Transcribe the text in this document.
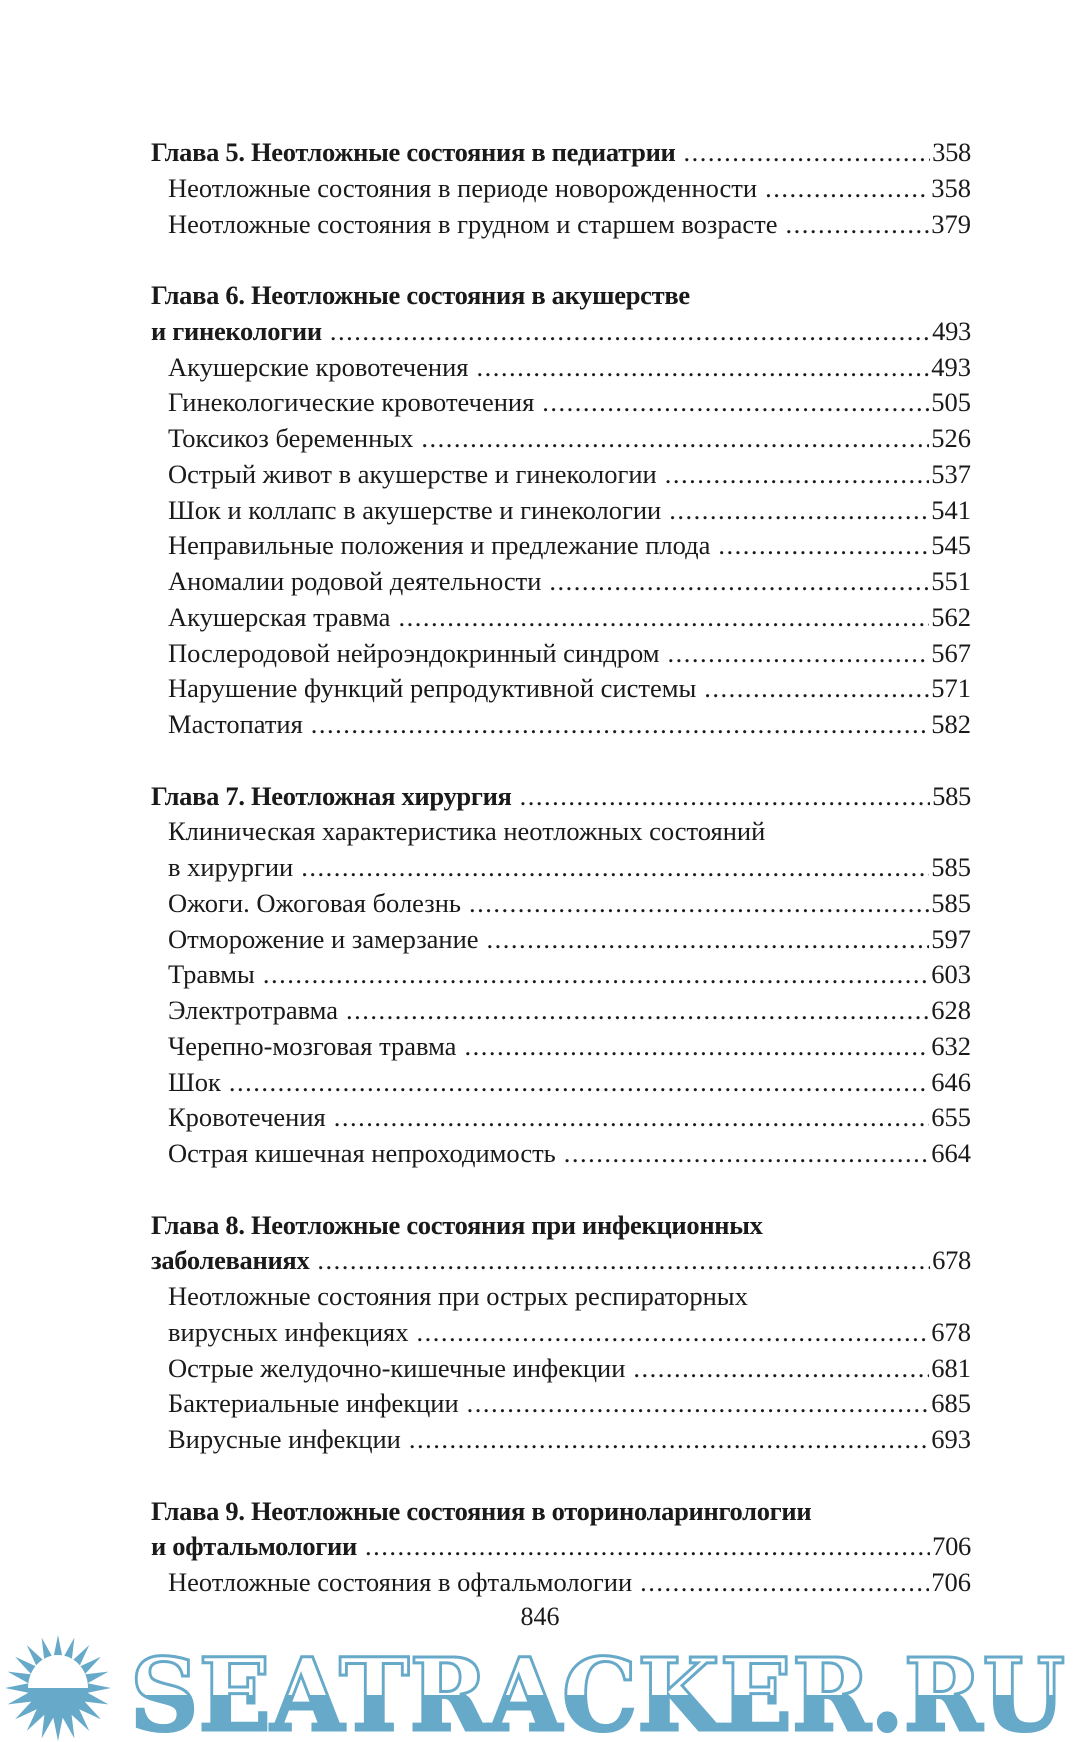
Глава 5. Неотложные состояния в педиатрии .....	358
Неотложные состояния в периоде новорожденности .....	358
Неотложные состояния в грудном и старшем возрасте .....	379
Глава 6. Неотложные состояния в акушерстве
и гинекологии .....	493
Акушерские кровотечения .....	493
Гинекологические кровотечения .....	505
Токсикоз беременных .....	526
Острый живот в акушерстве и гинекологии .....	537
Шок и коллапс в акушерстве и гинекологии .....	541
Неправильные положения и предлежание плода .....	545
Аномалии родовой деятельности .....	551
Акушерская травма .....	562
Послеродовой нейроэндокринный синдром .....	567
Нарушение функций репродуктивной системы .....	571
Мастопатия .....	582
Глава 7. Неотложная хирургия .....	585
Клиническая характеристика неотложных состояний
в хирургии .....	585
Ожоги. Ожоговая болезнь .....	585
Отморожение и замерзание .....	597
Травмы .....	603
Электротравма .....	628
Черепно-мозговая травма .....	632
Шок .....	646
Кровотечения .....	655
Острая кишечная непроходимость .....	664
Глава 8. Неотложные состояния при инфекционных
заболеваниях .....	678
Неотложные состояния при острых респираторных
вирусных инфекциях .....	678
Острые желудочно-кишечные инфекции .....	681
Бактериальные инфекции .....	685
Вирусные инфекции .....	693
Глава 9. Неотложные состояния в оториноларингологии
и офтальмологии .....	706
Неотложные состояния в офтальмологии .....	706
846
SEATRACKER.RU
